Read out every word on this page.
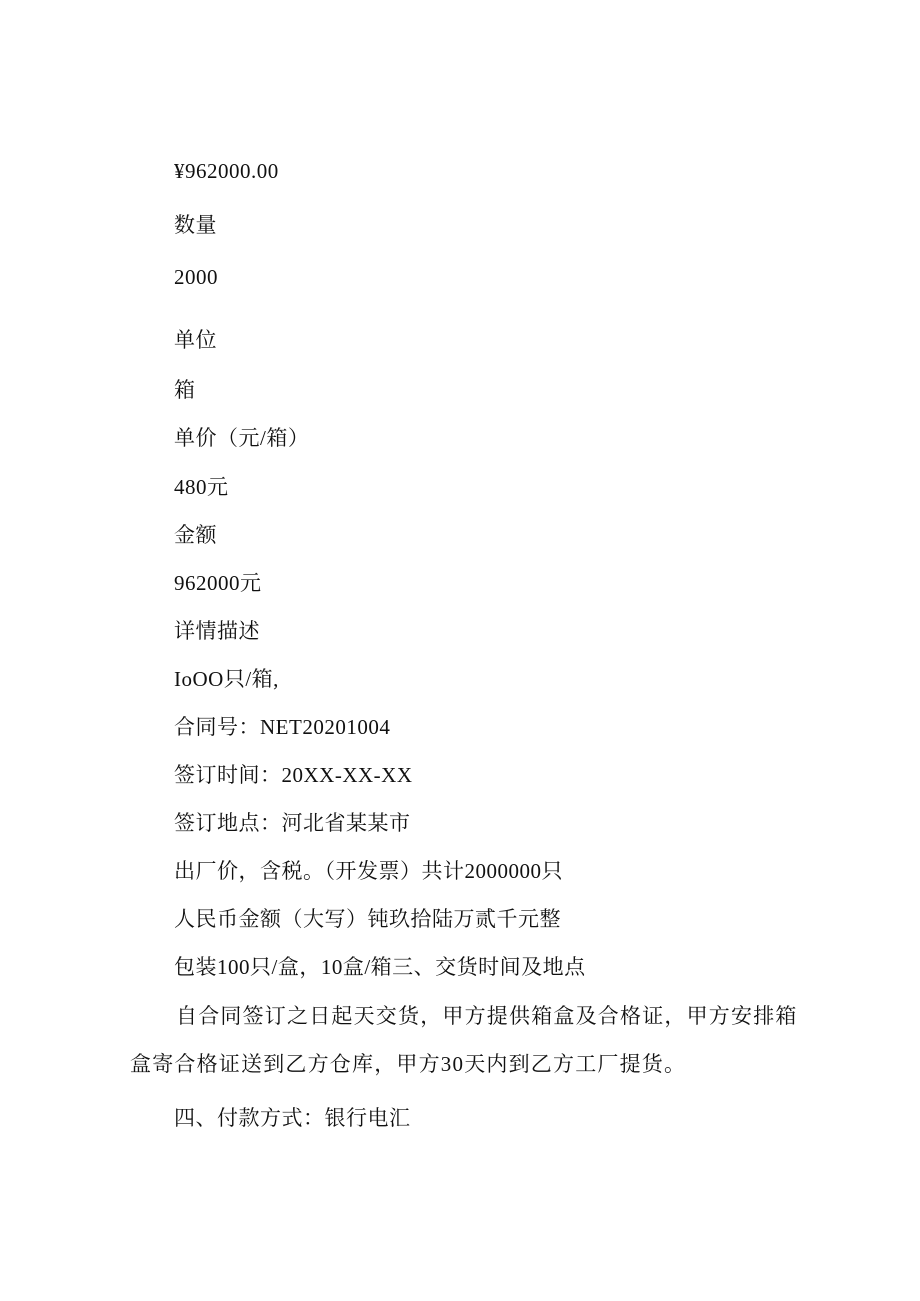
¥962000.00
数量
2000
单位
箱
单价（元/箱）
480元
金额
962000元
详情描述
IoOO只/箱,
合同号：NET20201004
签订时间：20XX-XX-XX
签订地点：河北省某某市
出厂价，含税。（开发票）共计2000000只
人民币金额（大写）钝玖拾陆万贰千元整
包装100只/盒，10盒/箱三、交货时间及地点
自合同签订之日起天交货，甲方提供箱盒及合格证，甲方安排箱盒寄合格证送到乙方仓库，甲方30天内到乙方工厂提货。
四、付款方式：银行电汇
